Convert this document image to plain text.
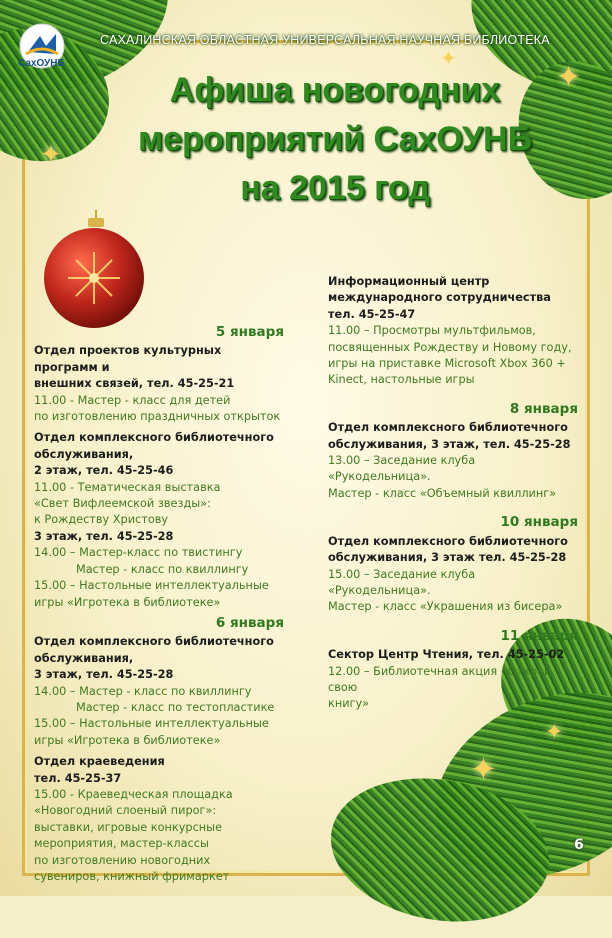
✦
✦
✦
✦
✦
СахОУНБ
САХАЛИНСКАЯ ОБЛАСТНАЯ УНИВЕРСАЛЬНАЯ НАУЧНАЯ БИБЛИОТЕКА
Афиша новогодних
мероприятий СахОУНБ
на 2015 год
5 января
Отдел проектов культурных программ и
внешних связей, тел. 45-25-21
11.00 - Мастер - класс для детей
по изготовлению праздничных открыток
Отдел комплексного библиотечного
обслуживания,
2 этаж, тел. 45-25-46
11.00 - Тематическая выставка
«Свет Вифлеемской звезды»:
к Рождеству Христову
3 этаж, тел. 45-25-28
14.00 – Мастер-класс по твистингу
Мастер - класс по квиллингу
15.00 – Настольные интеллектуальные
игры «Игротека в библиотеке»
6 января
Отдел комплексного библиотечного
обслуживания,
3 этаж, тел. 45-25-28
14.00 – Мастер - класс по квиллингу
Мастер - класс по тестопластике
15.00 – Настольные интеллектуальные
игры «Игротека в библиотеке»
Отдел краеведения
тел. 45-25-37
15.00 - Краеведческая площадка
«Новогодний слоеный пирог»:
выставки, игровые конкурсные
мероприятия, мастер-классы
по изготовлению новогодних
сувениров, книжный фримаркет
Информационный центр
международного сотрудничества
тел. 45-25-47
11.00 – Просмотры мультфильмов,
посвященных Рождеству и Новому году,
игры на приставке Microsoft Xbox 360 +
Kinect, настольные игры
8 января
Отдел комплексного библиотечного
обслуживания, 3 этаж, тел. 45-25-28
13.00 – Заседание клуба «Рукодельница».
Мастер - класс «Объемный квиллинг»
10 января
Отдел комплексного библиотечного
обслуживания, 3 этаж тел. 45-25-28
15.00 – Заседание клуба «Рукодельница».
Мастер - класс «Украшения из бисера»
11 января
Сектор Центр Чтения, тел. 45-25-02
12.00 – Библиотечная акция «Открой свою
книгу»
6
